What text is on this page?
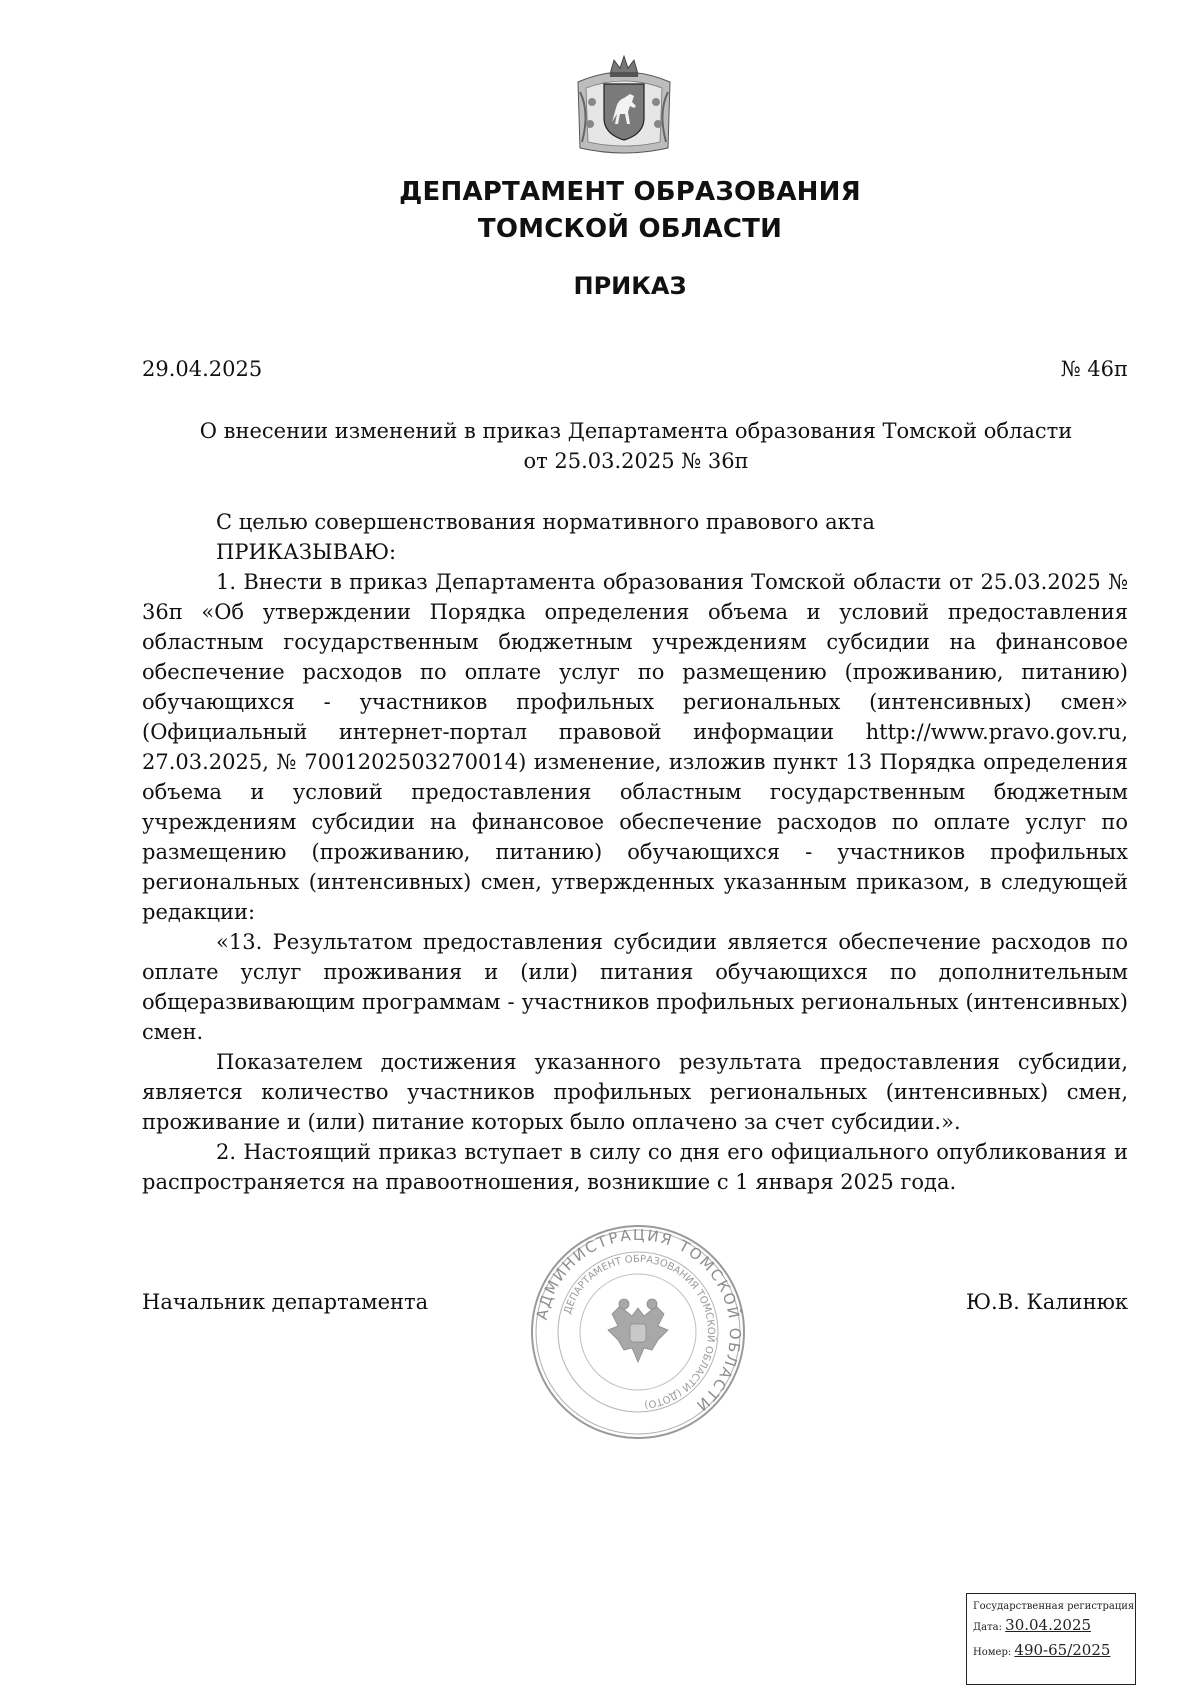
ДЕПАРТАМЕНТ ОБРАЗОВАНИЯ
ТОМСКОЙ ОБЛАСТИ
ПРИКАЗ
29.04.2025	№ 46п
О внесении изменений в приказ Департамента образования Томской области
от 25.03.2025 № 36п

С целью совершенствования нормативного правового акта

ПРИКАЗЫВАЮ:

1. Внести в приказ Департамента образования Томской области от 25.03.2025 № 36п «Об утверждении Порядка определения объема и условий предоставления областным государственным бюджетным учреждениям субсидии на финансовое обеспечение расходов по оплате услуг по размещению (проживанию, питанию) обучающихся - участников профильных региональных (интенсивных) смен» (Официальный интернет-портал правовой информации http://www.pravo.gov.ru, 27.03.2025, № 7001202503270014) изменение, изложив пункт 13 Порядка определения объема и условий предоставления областным государственным бюджетным учреждениям субсидии на финансовое обеспечение расходов по оплате услуг по размещению (проживанию, питанию) обучающихся - участников профильных региональных (интенсивных) смен, утвержденных указанным приказом, в следующей редакции:

«13. Результатом предоставления субсидии является обеспечение расходов по оплате услуг проживания и (или) питания обучающихся по дополнительным общеразвивающим программам - участников профильных региональных (интенсивных) смен.

Показателем достижения указанного результата предоставления субсидии, является количество участников профильных региональных (интенсивных) смен, проживание и (или) питание которых было оплачено за счет субсидии.».

2. Настоящий приказ вступает в силу со дня его официального опубликования и распространяется на правоотношения, возникшие с 1 января 2025 года.

Начальник департамента	АДМИНИСТРАЦИЯ ТОМСКОЙ ОБЛАСТИ
ДЕПАРТАМЕНТ ОБРАЗОВАНИЯ ТОМСКОЙ ОБЛАСТИ (ДОТО)
Ю.В. Калинюк
Государственная регистрация
Дата: 30.04.2025
Номер: 490-65/2025
